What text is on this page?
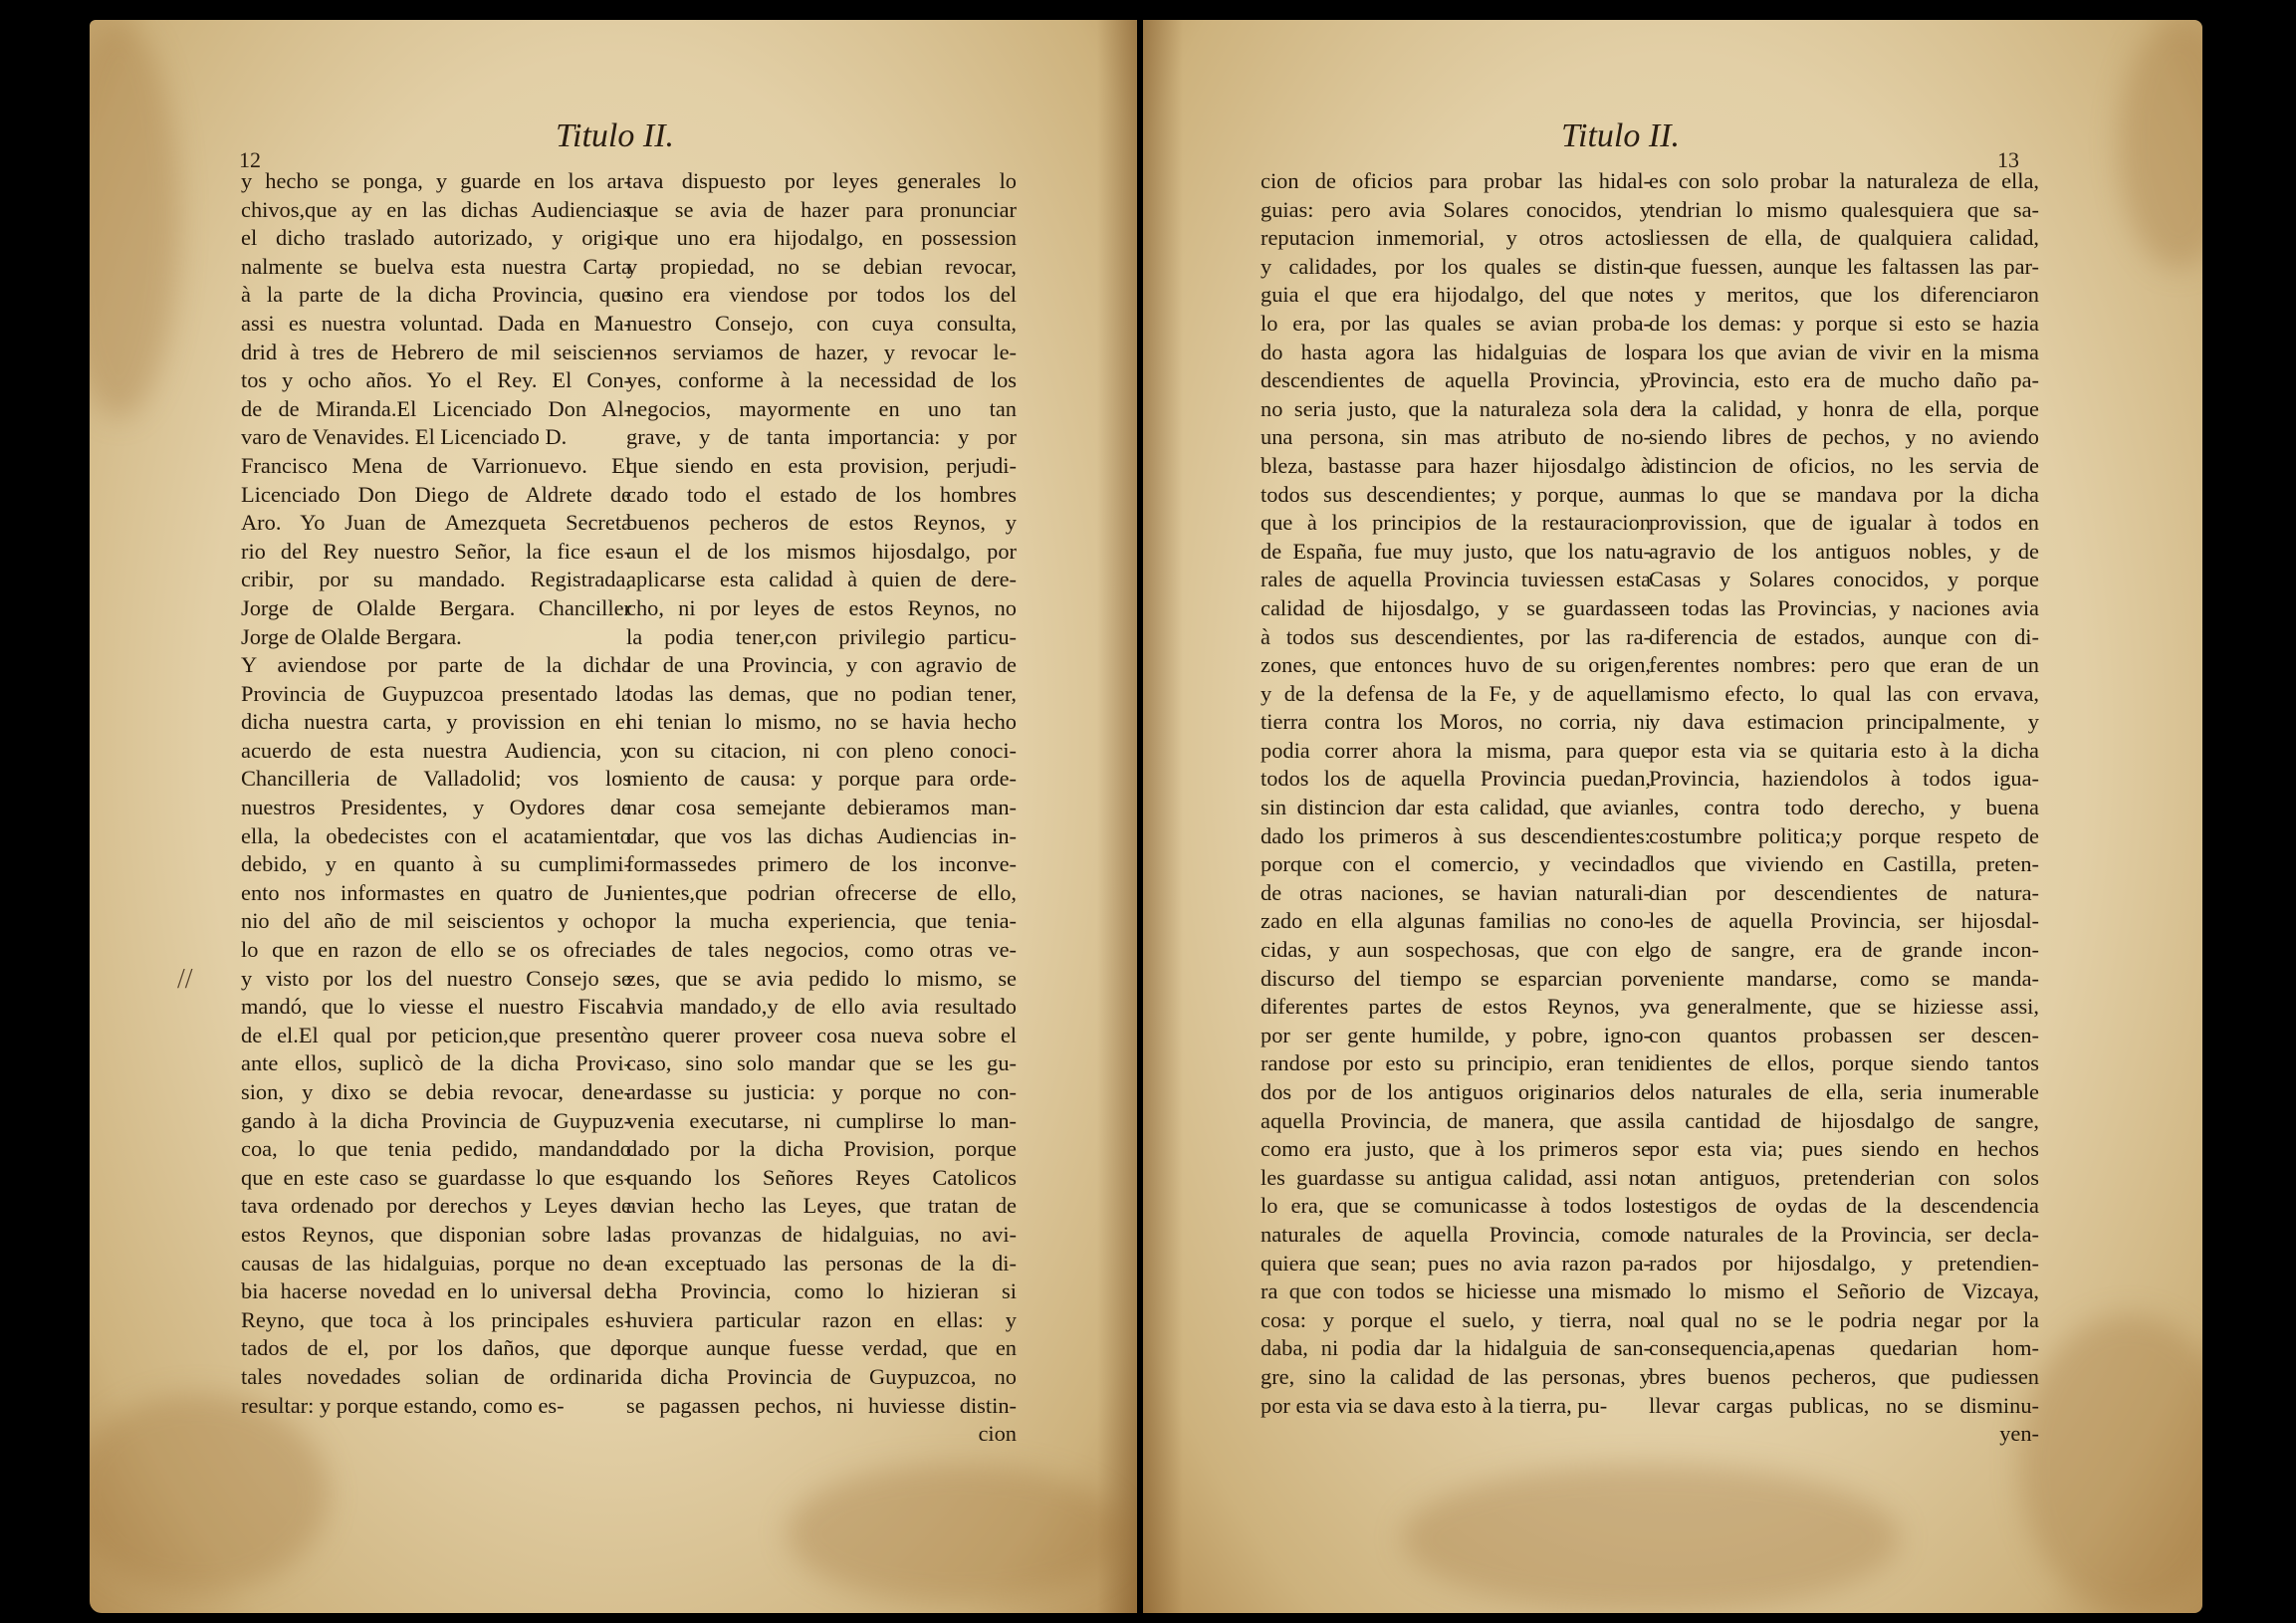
12
Titulo II.
y hecho se ponga, y guarde en los ar-
chivos,que ay en las dichas Audiencias
el dicho traslado autorizado, y origi-
nalmente se buelva esta nuestra Carta
à la parte de la dicha Provincia, que
assi es nuestra voluntad. Dada en Ma-
drid à tres de Hebrero de mil seiscien-
tos y ocho años. Yo el Rey. El Con-
de de Miranda.El Licenciado Don Al-
varo de Venavides. El Licenciado D.
Francisco Mena de Varrionuevo. El
Licenciado Don Diego de Aldrete de
Aro. Yo Juan de Amezqueta Secreta
rio del Rey nuestro Señor, la fice es-
cribir, por su mandado. Registrada,
Jorge de Olalde Bergara. Chanciller
Jorge de Olalde Bergara.
Y aviendose por parte de la dicha
Provincia de Guypuzcoa presentado la
dicha nuestra carta, y provission en el
acuerdo de esta nuestra Audiencia, y
Chancilleria de Valladolid; vos los
nuestros Presidentes, y Oydores de
ella, la obedecistes con el acatamiento
debido, y en quanto à su cumplimi-
ento nos informastes en quatro de Ju-
nio del año de mil seiscientos y ocho,
lo que en razon de ello se os ofrecia:
y visto por los del nuestro Consejo se
mandó, que lo viesse el nuestro Fiscal
de el.El qual por peticion,que presentò
ante ellos, suplicò de la dicha Provi-
sion, y dixo se debia revocar, dene-
gando à la dicha Provincia de Guypuz-
coa, lo que tenia pedido, mandando
que en este caso se guardasse lo que es-
tava ordenado por derechos y Leyes de
estos Reynos, que disponian sobre las
causas de las hidalguias, porque no de-
bia hacerse novedad en lo universal del
Reyno, que toca à los principales es-
tados de el, por los daños, que de
tales novedades solian de ordinario
resultar: y porque estando, como es-
tava dispuesto por leyes generales lo
que se avia de hazer para pronunciar
que uno era hijodalgo, en possession
y propiedad, no se debian revocar,
sino era viendose por todos los del
nuestro Consejo, con cuya consulta,
nos serviamos de hazer, y revocar le-
yes, conforme à la necessidad de los
negocios, mayormente en uno tan
grave, y de tanta importancia: y por
que siendo en esta provision, perjudi-
cado todo el estado de los hombres
buenos pecheros de estos Reynos, y
aun el de los mismos hijosdalgo, por
aplicarse esta calidad à quien de dere-
cho, ni por leyes de estos Reynos, no
la podia tener,con privilegio particu-
lar de una Provincia, y con agravio de
todas las demas, que no podian tener,
ni tenian lo mismo, no se havia hecho
con su citacion, ni con pleno conoci-
miento de causa: y porque para orde-
nar cosa semejante debieramos man-
dar, que vos las dichas Audiencias in-
formassedes primero de los inconve-
nientes,que podrian ofrecerse de ello,
por la mucha experiencia, que tenia-
des de tales negocios, como otras ve-
zes, que se avia pedido lo mismo, se
avia mandado,y de ello avia resultado
no querer proveer cosa nueva sobre el
caso, sino solo mandar que se les gu-
ardasse su justicia: y porque no con-
venia executarse, ni cumplirse lo man-
dado por la dicha Provision, porque
quando los Señores Reyes Catolicos
avian hecho las Leyes, que tratan de
las provanzas de hidalguias, no avi-
an exceptuado las personas de la di-
cha Provincia, como lo hizieran si
huviera particular razon en ellas: y
porque aunque fuesse verdad, que en
la dicha Provincia de Guypuzcoa, no
se pagassen pechos, ni huviesse distin-
cion
//
Titulo II.
13
cion de oficios para probar las hidal-
guias: pero avia Solares conocidos, y
reputacion inmemorial, y otros actos
y calidades, por los quales se distin-
guia el que era hijodalgo, del que no
lo era, por las quales se avian proba-
do hasta agora las hidalguias de los
descendientes de aquella Provincia, y
no seria justo, que la naturaleza sola de
una persona, sin mas atributo de no-
bleza, bastasse para hazer hijosdalgo à
todos sus descendientes; y porque, aun
que à los principios de la restauracion
de España, fue muy justo, que los natu-
rales de aquella Provincia tuviessen esta
calidad de hijosdalgo, y se guardasse
à todos sus descendientes, por las ra-
zones, que entonces huvo de su origen,
y de la defensa de la Fe, y de aquella
tierra contra los Moros, no corria, ni
podia correr ahora la misma, para que
todos los de aquella Provincia puedan,
sin distincion dar esta calidad, que avian
dado los primeros à sus descendientes:
porque con el comercio, y vecindad
de otras naciones, se havian naturali-
zado en ella algunas familias no cono-
cidas, y aun sospechosas, que con el
discurso del tiempo se esparcian por
diferentes partes de estos Reynos, y
por ser gente humilde, y pobre, igno-
randose por esto su principio, eran teni
dos por de los antiguos originarios de
aquella Provincia, de manera, que assi
como era justo, que à los primeros se
les guardasse su antigua calidad, assi no
lo era, que se comunicasse à todos los
naturales de aquella Provincia, como
quiera que sean; pues no avia razon pa-
ra que con todos se hiciesse una misma
cosa: y porque el suelo, y tierra, no
daba, ni podia dar la hidalguia de san-
gre, sino la calidad de las personas, y
por esta via se dava esto à la tierra, pu-
es con solo probar la naturaleza de ella,
tendrian lo mismo qualesquiera que sa-
liessen de ella, de qualquiera calidad,
que fuessen, aunque les faltassen las par-
tes y meritos, que los diferenciaron
de los demas: y porque si esto se hazia
para los que avian de vivir en la misma
Provincia, esto era de mucho daño pa-
ra la calidad, y honra de ella, porque
siendo libres de pechos, y no aviendo
distincion de oficios, no les servia de
mas lo que se mandava por la dicha
provission, que de igualar à todos en
agravio de los antiguos nobles, y de
Casas y Solares conocidos, y porque
en todas las Provincias, y naciones avia
diferencia de estados, aunque con di-
ferentes nombres: pero que eran de un
mismo efecto, lo qual las con ervava,
y dava estimacion principalmente, y
por esta via se quitaria esto à la dicha
Provincia, haziendolos à todos igua-
les, contra todo derecho, y buena
costumbre politica;y porque respeto de
los que viviendo en Castilla, preten-
dian por descendientes de natura-
les de aquella Provincia, ser hijosdal-
go de sangre, era de grande incon-
veniente mandarse, como se manda-
va generalmente, que se hiziesse assi,
con quantos probassen ser descen-
dientes de ellos, porque siendo tantos
los naturales de ella, seria inumerable
la cantidad de hijosdalgo de sangre,
por esta via; pues siendo en hechos
tan antiguos, pretenderian con solos
testigos de oydas de la descendencia
de naturales de la Provincia, ser decla-
rados por hijosdalgo, y pretendien-
do lo mismo el Señorio de Vizcaya,
al qual no se le podria negar por la
consequencia,apenas quedarian hom-
bres buenos pecheros, que pudiessen
llevar cargas publicas, no se disminu-
yen-
